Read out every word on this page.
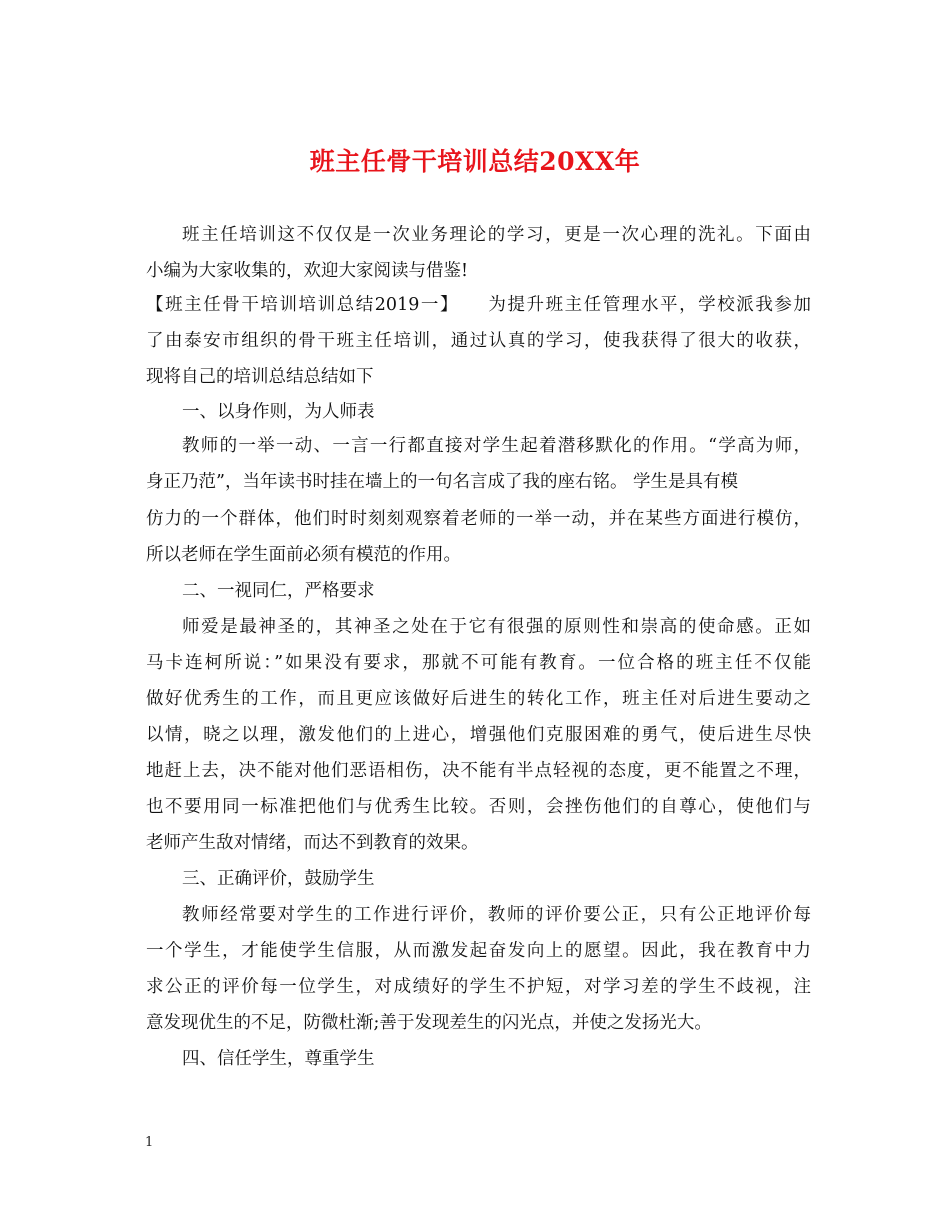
班主任骨干培训总结20XX年
班主任培训这不仅仅是一次业务理论的学习，更是一次心理的洗礼。下面由
小编为大家收集的，欢迎大家阅读与借鉴!
【班主任骨干培训培训总结2019一】　　为提升班主任管理水平，学校派我参加
了由泰安市组织的骨干班主任培训，通过认真的学习，使我获得了很大的收获，
现将自己的培训总结总结如下
一、以身作则，为人师表
教师的一举一动、一言一行都直接对学生起着潜移默化的作用。“学高为师，
身正乃范”，当年读书时挂在墙上的一句名言成了我的座右铭。 学生是具有模
仿力的一个群体，他们时时刻刻观察着老师的一举一动，并在某些方面进行模仿，
所以老师在学生面前必须有模范的作用。
二、一视同仁，严格要求
师爱是最神圣的，其神圣之处在于它有很强的原则性和崇高的使命感。正如
马卡连柯所说：”如果没有要求，那就不可能有教育。一位合格的班主任不仅能
做好优秀生的工作，而且更应该做好后进生的转化工作，班主任对后进生要动之
以情，晓之以理，激发他们的上进心，增强他们克服困难的勇气，使后进生尽快
地赶上去，决不能对他们恶语相伤，决不能有半点轻视的态度，更不能置之不理，
也不要用同一标准把他们与优秀生比较。否则，会挫伤他们的自尊心，使他们与
老师产生敌对情绪，而达不到教育的效果。
三、正确评价，鼓励学生
教师经常要对学生的工作进行评价，教师的评价要公正，只有公正地评价每
一个学生，才能使学生信服，从而激发起奋发向上的愿望。因此，我在教育中力
求公正的评价每一位学生，对成绩好的学生不护短，对学习差的学生不歧视，注
意发现优生的不足，防微杜渐;善于发现差生的闪光点，并使之发扬光大。
四、信任学生，尊重学生
1
